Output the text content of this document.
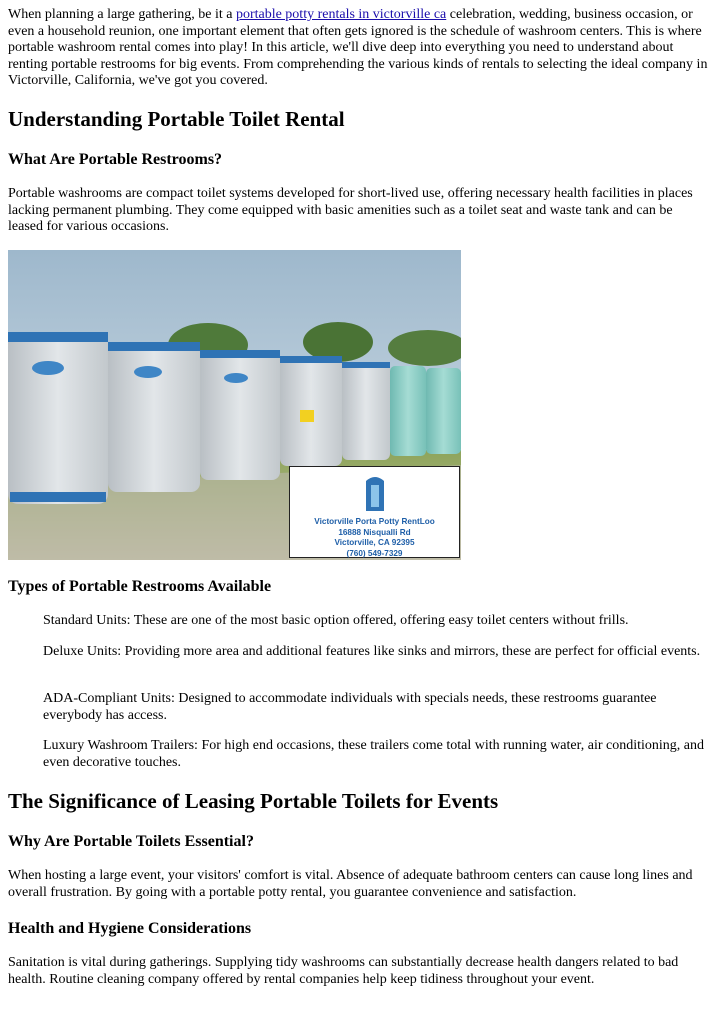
When planning a large gathering, be it a portable potty rentals in victorville ca celebration, wedding, business occasion, or even a household reunion, one important element that often gets ignored is the schedule of washroom centers. This is where portable washroom rental comes into play! In this article, we'll dive deep into everything you need to understand about renting portable restrooms for big events. From comprehending the various kinds of rentals to selecting the ideal company in Victorville, California, we've got you covered.

Understanding Portable Toilet Rental
What Are Portable Restrooms?

Portable washrooms are compact toilet systems developed for short-lived use, offering necessary health facilities in places lacking permanent plumbing. They come equipped with basic amenities such as a toilet seat and waste tank and can be leased for various occasions.

Victorville Porta Potty RentLoo
16888 Nisqualli Rd
Victorville, CA 92395
(760) 549-7329
Types of Portable Restrooms Available
Standard Units: These are one of the most basic option offered, offering easy toilet centers without frills.
Deluxe Units: Providing more area and additional features like sinks and mirrors, these are perfect for official events.
ADA-Compliant Units: Designed to accommodate individuals with specials needs, these restrooms guarantee everybody has access.
Luxury Washroom Trailers: For high end occasions, these trailers come total with running water, air conditioning, and even decorative touches.
The Significance of Leasing Portable Toilets for Events
Why Are Portable Toilets Essential?

When hosting a large event, your visitors' comfort is vital. Absence of adequate bathroom centers can cause long lines and overall frustration. By going with a portable potty rental, you guarantee convenience and satisfaction.

Health and Hygiene Considerations

Sanitation is vital during gatherings. Supplying tidy washrooms can substantially decrease health dangers related to bad health. Routine cleaning company offered by rental companies help keep tidiness throughout your event.
